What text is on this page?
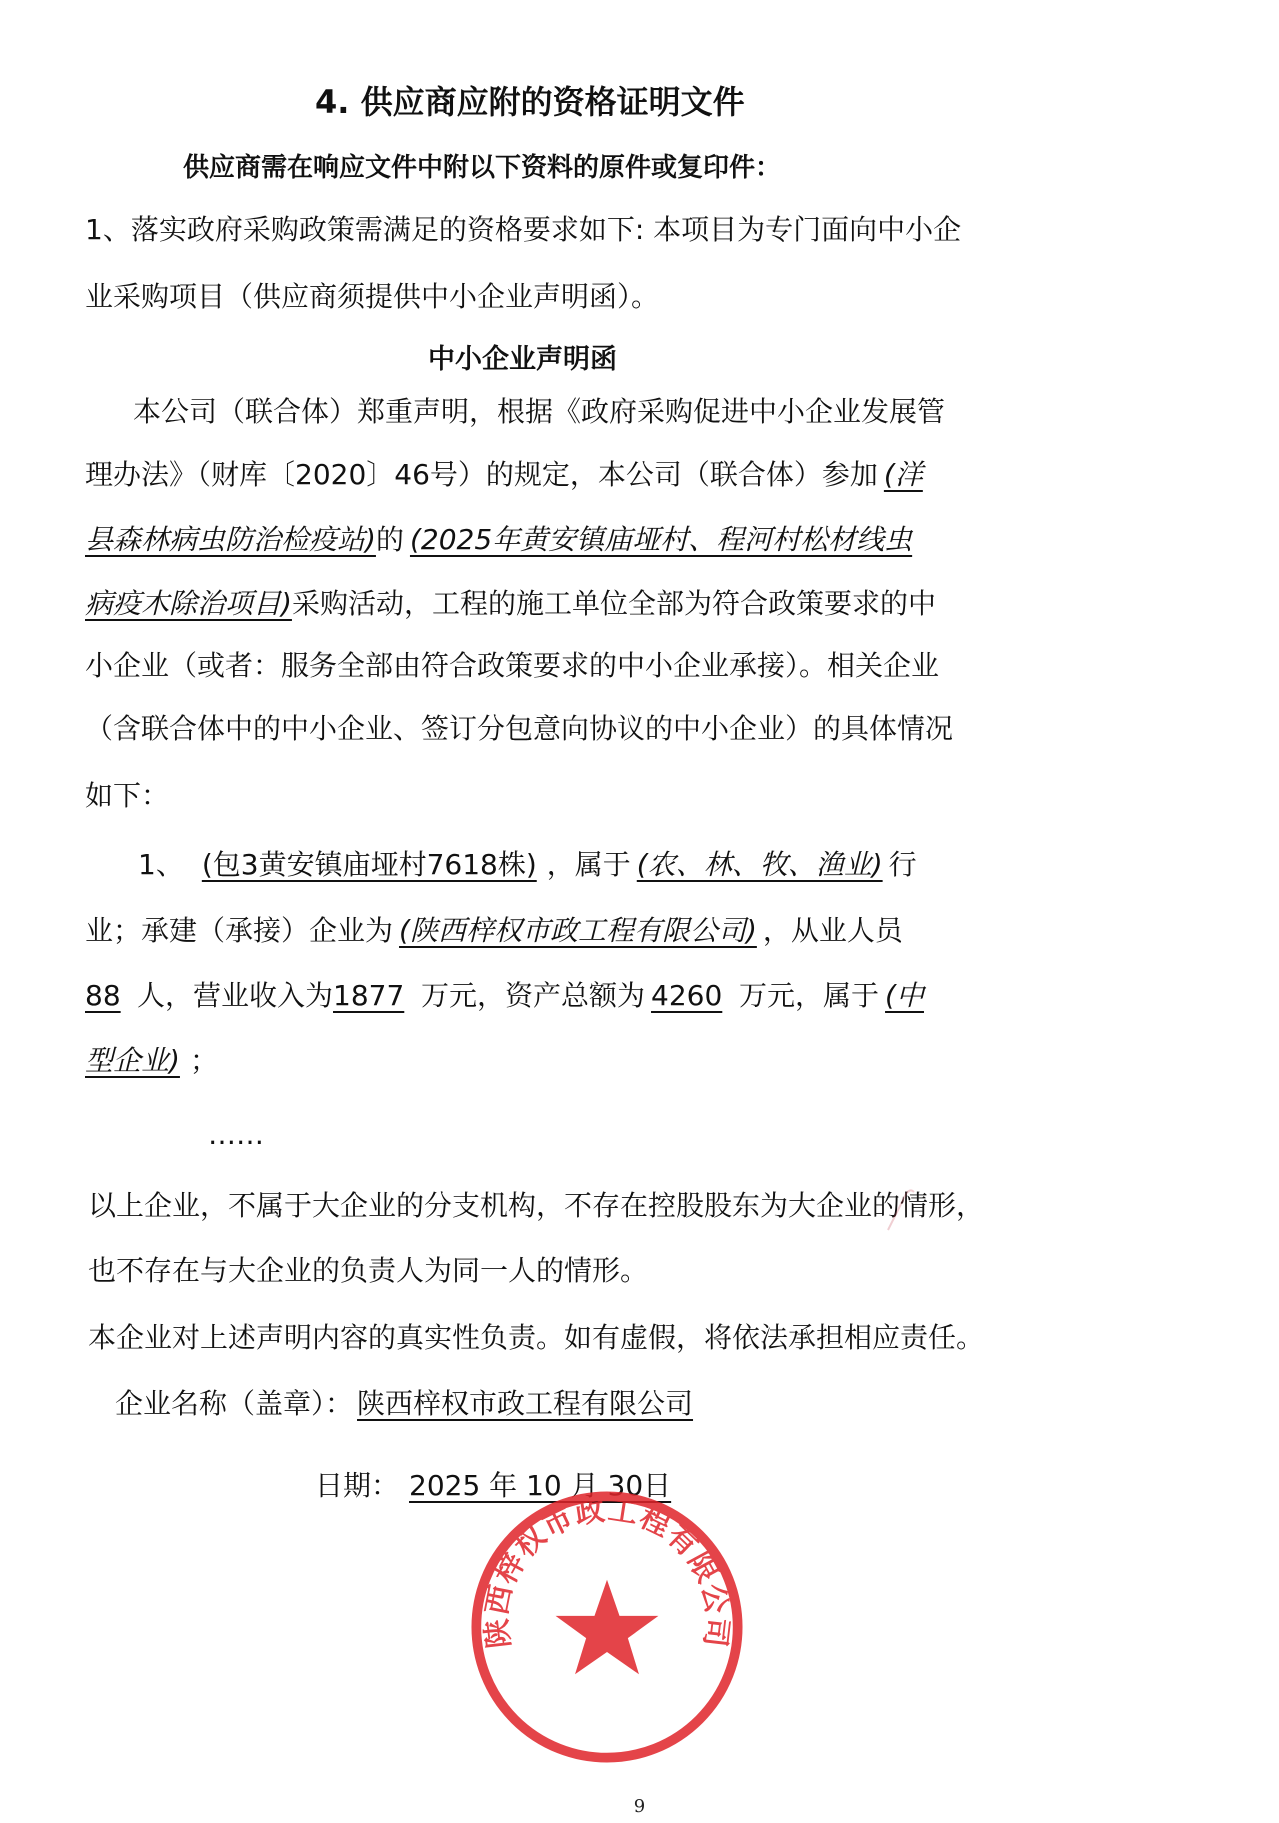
4. 供应商应附的资格证明文件
供应商需在响应文件中附以下资料的原件或复印件：
1、落实政府采购政策需满足的资格要求如下: 本项目为专门面向中小企
业采购项目（供应商须提供中小企业声明函）。
中小企业声明函
本公司（联合体）郑重声明，根据《政府采购促进中小企业发展管
理办法》（财库〔2020〕46号）的规定，本公司（联合体）参加 (洋
县森林病虫防治检疫站)的 (2025年黄安镇庙垭村、程河村松材线虫
病疫木除治项目)采购活动，工程的施工单位全部为符合政策要求的中
小企业（或者：服务全部由符合政策要求的中小企业承接）。相关企业
（含联合体中的中小企业、签订分包意向协议的中小企业）的具体情况
如下：
1、 (包3黄安镇庙垭村7618株) ，属于 (农、林、牧、渔业) 行
业；承建（承接）企业为 (陕西梓权市政工程有限公司) ，从业人员
88 人，营业收入为1877 万元，资产总额为 4260 万元，属于 (中
型企业) ；
……
以上企业，不属于大企业的分支机构，不存在控股股东为大企业的情形，
也不存在与大企业的负责人为同一人的情形。
本企业对上述声明内容的真实性负责。如有虚假，将依法承担相应责任。
企业名称（盖章）： 陕西梓权市政工程有限公司
日期： 2025 年 10 月 30日
陕西梓权市政工程有限公司
9
